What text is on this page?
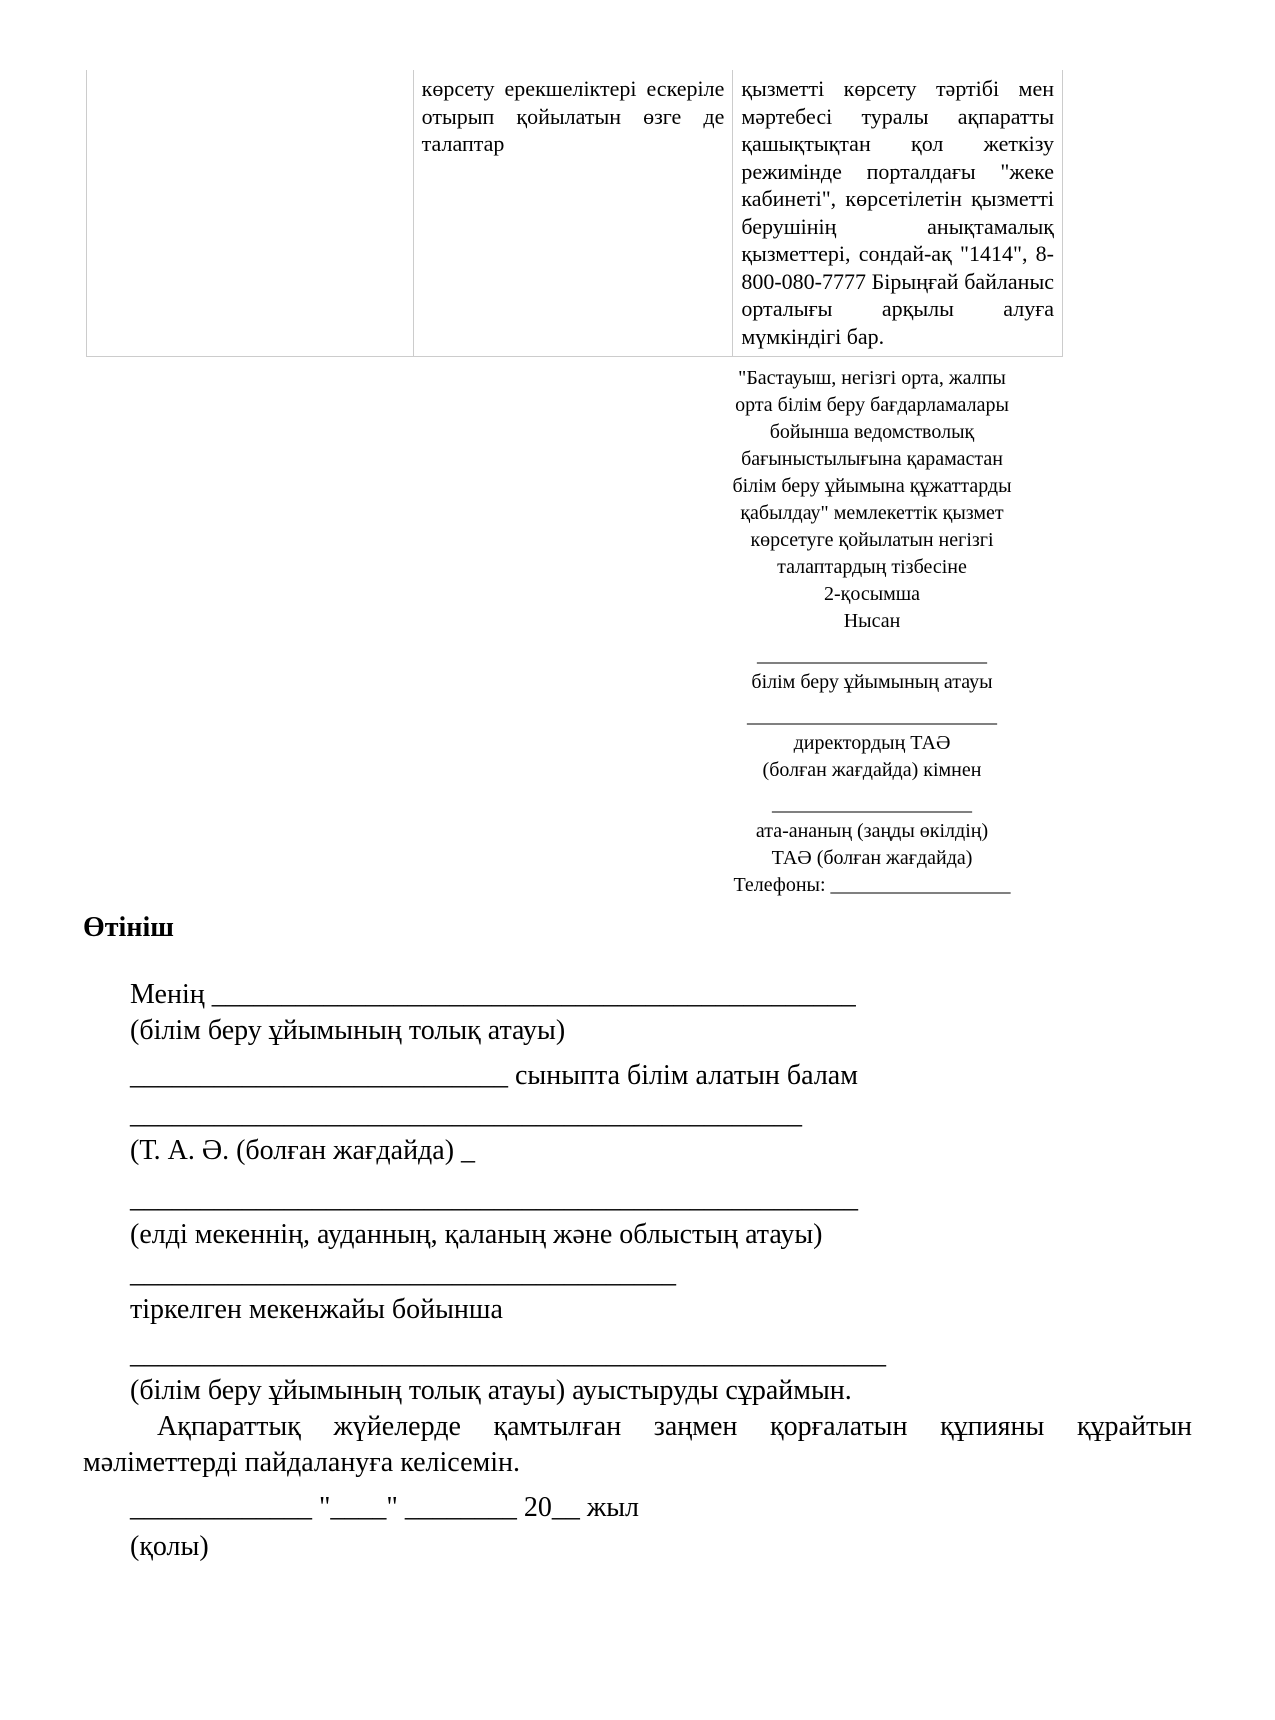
көрсету ерекшеліктері ескеріле отырып қойылатын өзге де талаптар
қызметті көрсету тәртібі мен мәртебесі туралы ақпаратты қашықтықтан қол жеткізу режимінде порталдағы "жеке кабинеті", көрсетілетін қызметті берушінің анықтамалық қызметтері, сондай-ақ "1414", 8-800-080-7777 Бірыңғай байланыс орталығы арқылы алуға мүмкіндігі бар.
"Бастауыш, негізгі орта, жалпы
орта білім беру бағдарламалары
бойынша ведомстволық
бағыныстылығына қарамастан
білім беру ұйымына құжаттарды
қабылдау" мемлекеттік қызмет
көрсетуге қойылатын негізгі
талаптардың тізбесіне
2-қосымша
Нысан
_______________________
білім беру ұйымының атауы
_________________________
директордың ТАӘ
(болған жағдайда) кімнен
____________________
ата-ананың (заңды өкілдің)
ТАӘ (болған жағдайда)
Телефоны: __________________
Өтініш
Менің ______________________________________________
(білім беру ұйымының толық атауы)
___________________________ сыныпта білім алатын балам
________________________________________________
(Т. А. Ә. (болған жағдайда) _
____________________________________________________
(елді мекеннің, ауданның, қаланың және облыстың атауы)
_______________________________________
тіркелген мекенжайы бойынша
______________________________________________________
(білім беру ұйымының толық атауы) ауыстыруды сұраймын.
Ақпараттық жүйелерде қамтылған заңмен қорғалатын құпияны құрайтын
мәліметтерді пайдалануға келісемін.
_____________ "____" ________ 20__ жыл
(қолы)
